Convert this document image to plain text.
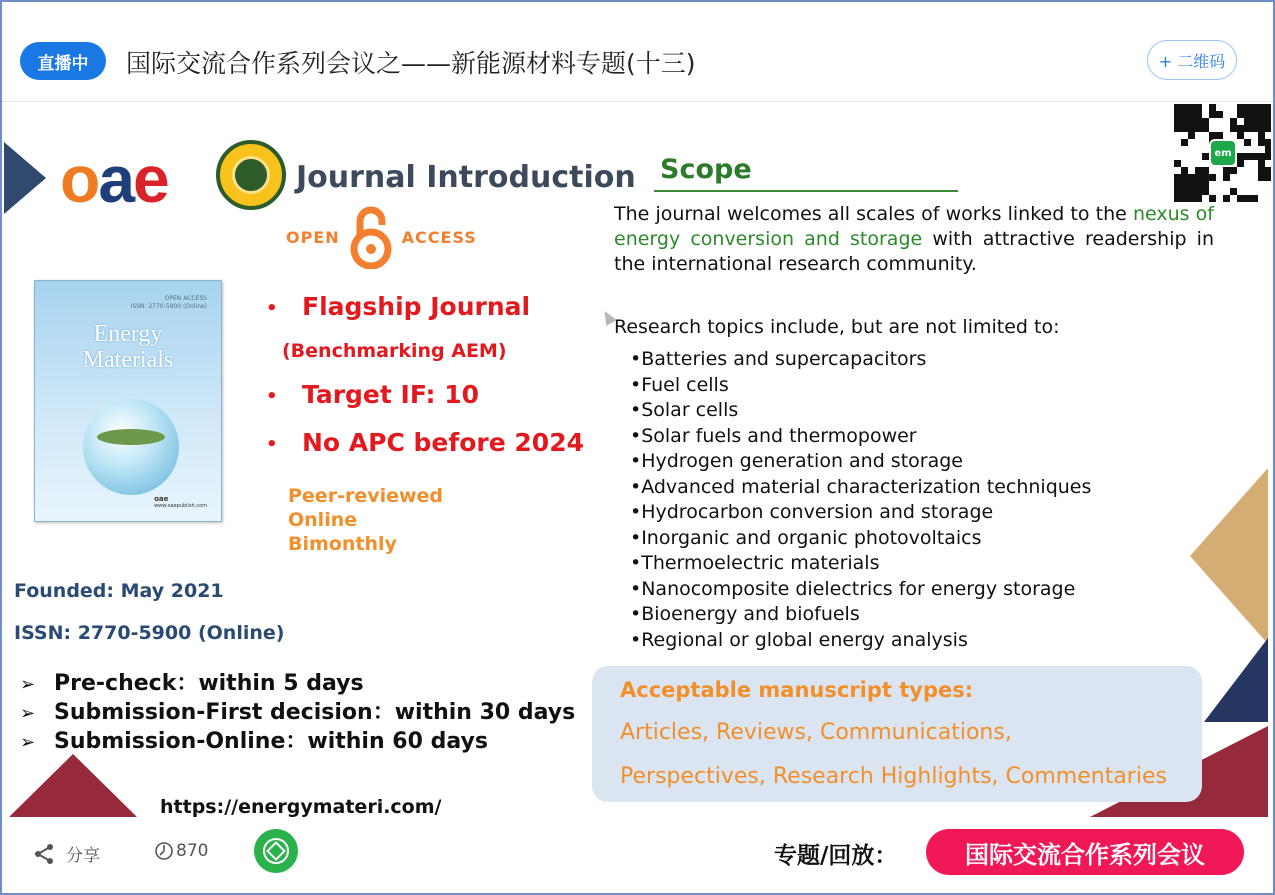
直播中	国际交流合作系列会议之——新能源材料专题(十三)	+ 二维码
o a e	Journal Introduction
OPEN	ACCESS
OPEN ACCESS
ISSN: 2770-5900 (Online)
Energy
Materials
oae
www.oaepublish.com
• Flagship Journal
(Benchmarking AEM)
• Target IF: 10
• No APC before 2024
Peer-reviewed
Online
Bimonthly
Founded: May 2021
ISSN: 2770-5900 (Online)
➢ Pre-check：within 5 days
➢ Submission-First decision：within 30 days
➢ Submission-Online：within 60 days
https://energymateri.com/
Scope
em
The journal welcomes all scales of works linked to the nexus of energy conversion and storage with attractive readership in the international research community.
Research topics include, but are not limited to:
•Batteries and supercapacitors
•Fuel cells
•Solar cells
•Solar fuels and thermopower
•Hydrogen generation and storage
•Advanced material characterization techniques
•Hydrocarbon conversion and storage
•Inorganic and organic photovoltaics
•Thermoelectric materials
•Nanocomposite dielectrics for energy storage
•Bioenergy and biofuels
•Regional or global energy analysis
Acceptable manuscript types:
Articles, Reviews, Communications,
Perspectives, Research Highlights, Commentaries
分享	870	专题/回放：	国际交流合作系列会议
